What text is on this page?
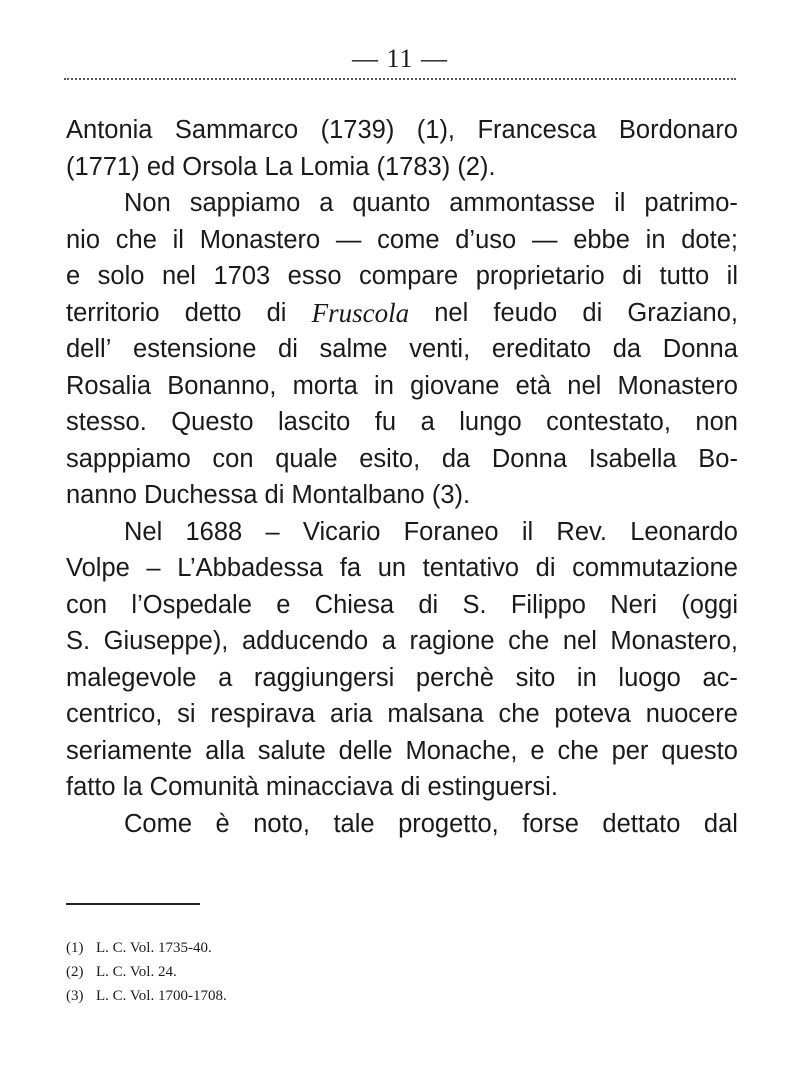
— 11 —
Antonia Sammarco (1739) (1), Francesca Bordonaro
(1771)
ed
Orsola
La
Lomia
(1783)
(2).

Non sappiamo a quanto ammontasse il patrimo-
nio che il Monastero — come d’uso — ebbe in dote;
e solo nel 1703 esso compare proprietario di tutto il
territorio detto di Fruscola nel feudo di Graziano,
dell’ estensione di salme venti, ereditato da Donna
Rosalia Bonanno, morta in giovane età nel Monastero
stesso. Questo lascito fu a lungo contestato, non
sapppiamo con quale esito, da Donna Isabella Bo-
nanno
Duchessa
di
Montalbano
(3).

Nel 1688 – Vicario Foraneo il Rev. Leonardo
Volpe – L’Abbadessa fa un tentativo di commutazione
con l’Ospedale e Chiesa di S. Filippo Neri (oggi
S. Giuseppe), adducendo a ragione che nel Monastero,
malegevole a raggiungersi perchè sito in luogo ac-
centrico, si respirava aria malsana che poteva nuocere
seriamente alla salute delle Monache, e che per questo
fatto
la
Comunità
minacciava
di
estinguersi.

Come è noto, tale progetto, forse dettato dal
(1) L. C. Vol. 1735-40.
(2) L. C. Vol. 24.
(3) L. C. Vol. 1700-1708.
